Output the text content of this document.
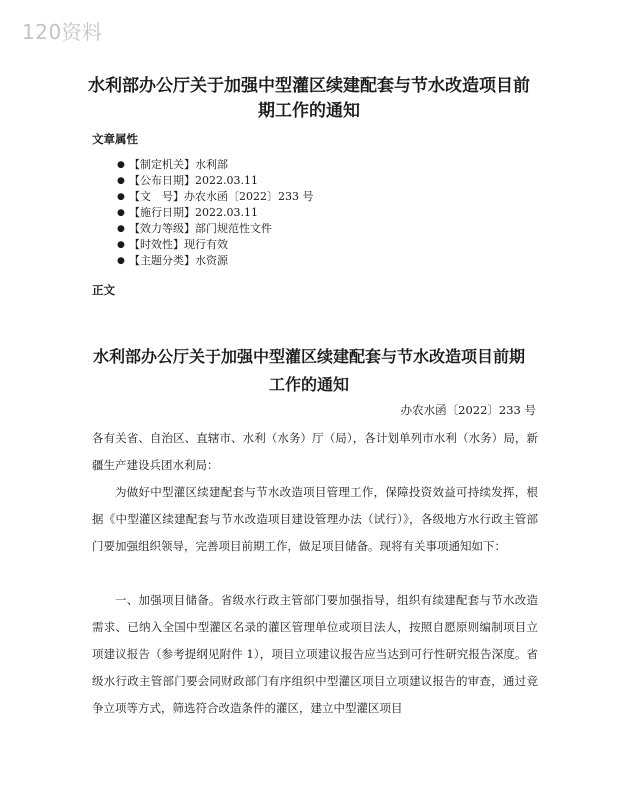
120资料
水利部办公厅关于加强中型灌区续建配套与节水改造项目前期工作的通知
文章属性
● 【制定机关】 水利部
● 【公布日期】 2022.03.11
● 【文　号】 办农水函〔2022〕233 号
● 【施行日期】 2022.03.11
● 【效力等级】 部门规范性文件
● 【时效性】 现行有效
● 【主题分类】 水资源
正文
水利部办公厅关于加强中型灌区续建配套与节水改造项目前期工作的通知
办农水函〔2022〕233 号

各有关省、自治区、直辖市、水利（水务）厅（局），各计划单列市水利（水务）局，新疆生产建设兵团水利局：

为做好中型灌区续建配套与节水改造项目管理工作，保障投资效益可持续发挥，根据《中型灌区续建配套与节水改造项目建设管理办法（试行）》，各级地方水行政主管部门要加强组织领导，完善项目前期工作，做足项目储备。现将有关事项通知如下：

一、加强项目储备。省级水行政主管部门要加强指导，组织有续建配套与节水改造需求、已纳入全国中型灌区名录的灌区管理单位或项目法人，按照自愿原则编制项目立项建议报告（参考提纲见附件 1），项目立项建议报告应当达到可行性研究报告深度。省级水行政主管部门要会同财政部门有序组织中型灌区项目立项建议报告的审查，通过竞争立项等方式，筛选符合改造条件的灌区，建立中型灌区项目
